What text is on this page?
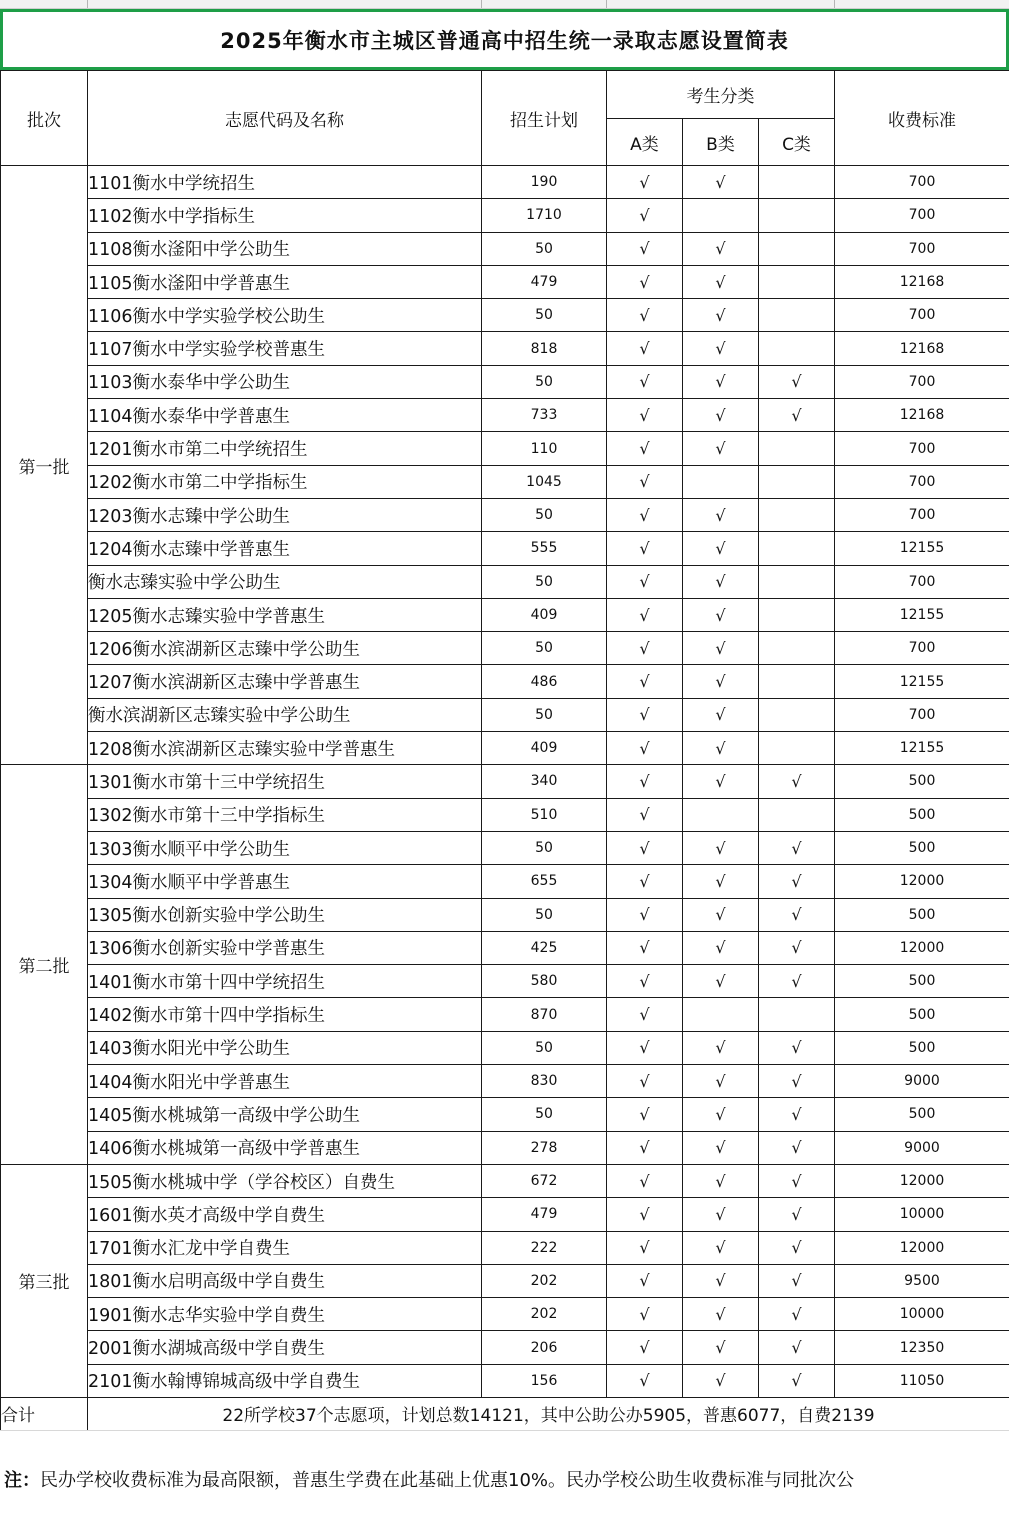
2025年衡水市主城区普通高中招生统一录取志愿设置简表
批次	志愿代码及名称	招生计划	考生分类			收费标准
			A类	B类	C类	
第一批	1101衡水中学统招生	190	√	√		700
	1102衡水中学指标生	1710	√			700
	1108衡水滏阳中学公助生	50	√	√		700
	1105衡水滏阳中学普惠生	479	√	√		12168
	1106衡水中学实验学校公助生	50	√	√		700
	1107衡水中学实验学校普惠生	818	√	√		12168
	1103衡水泰华中学公助生	50	√	√	√	700
	1104衡水泰华中学普惠生	733	√	√	√	12168
	1201衡水市第二中学统招生	110	√	√		700
	1202衡水市第二中学指标生	1045	√			700
	1203衡水志臻中学公助生	50	√	√		700
	1204衡水志臻中学普惠生	555	√	√		12155
	衡水志臻实验中学公助生	50	√	√		700
	1205衡水志臻实验中学普惠生	409	√	√		12155
	1206衡水滨湖新区志臻中学公助生	50	√	√		700
	1207衡水滨湖新区志臻中学普惠生	486	√	√		12155
	衡水滨湖新区志臻实验中学公助生	50	√	√		700
	1208衡水滨湖新区志臻实验中学普惠生	409	√	√		12155
第二批	1301衡水市第十三中学统招生	340	√	√	√	500
	1302衡水市第十三中学指标生	510	√			500
	1303衡水顺平中学公助生	50	√	√	√	500
	1304衡水顺平中学普惠生	655	√	√	√	12000
	1305衡水创新实验中学公助生	50	√	√	√	500
	1306衡水创新实验中学普惠生	425	√	√	√	12000
	1401衡水市第十四中学统招生	580	√	√	√	500
	1402衡水市第十四中学指标生	870	√			500
	1403衡水阳光中学公助生	50	√	√	√	500
	1404衡水阳光中学普惠生	830	√	√	√	9000
	1405衡水桃城第一高级中学公助生	50	√	√	√	500
	1406衡水桃城第一高级中学普惠生	278	√	√	√	9000
第三批	1505衡水桃城中学（学谷校区）自费生	672	√	√	√	12000
	1601衡水英才高级中学自费生	479	√	√	√	10000
	1701衡水汇龙中学自费生	222	√	√	√	12000
	1801衡水启明高级中学自费生	202	√	√	√	9500
	1901衡水志华实验中学自费生	202	√	√	√	10000
	2001衡水湖城高级中学自费生	206	√	√	√	12350
	2101衡水翰博锦城高级中学自费生	156	√	√	√	11050
合计	22所学校37个志愿项，计划总数14121，其中公助公办5905，普惠6077，自费2139					
注：民办学校收费标准为最高限额，普惠生学费在此基础上优惠10%。民办学校公助生收费标准与同批次公
